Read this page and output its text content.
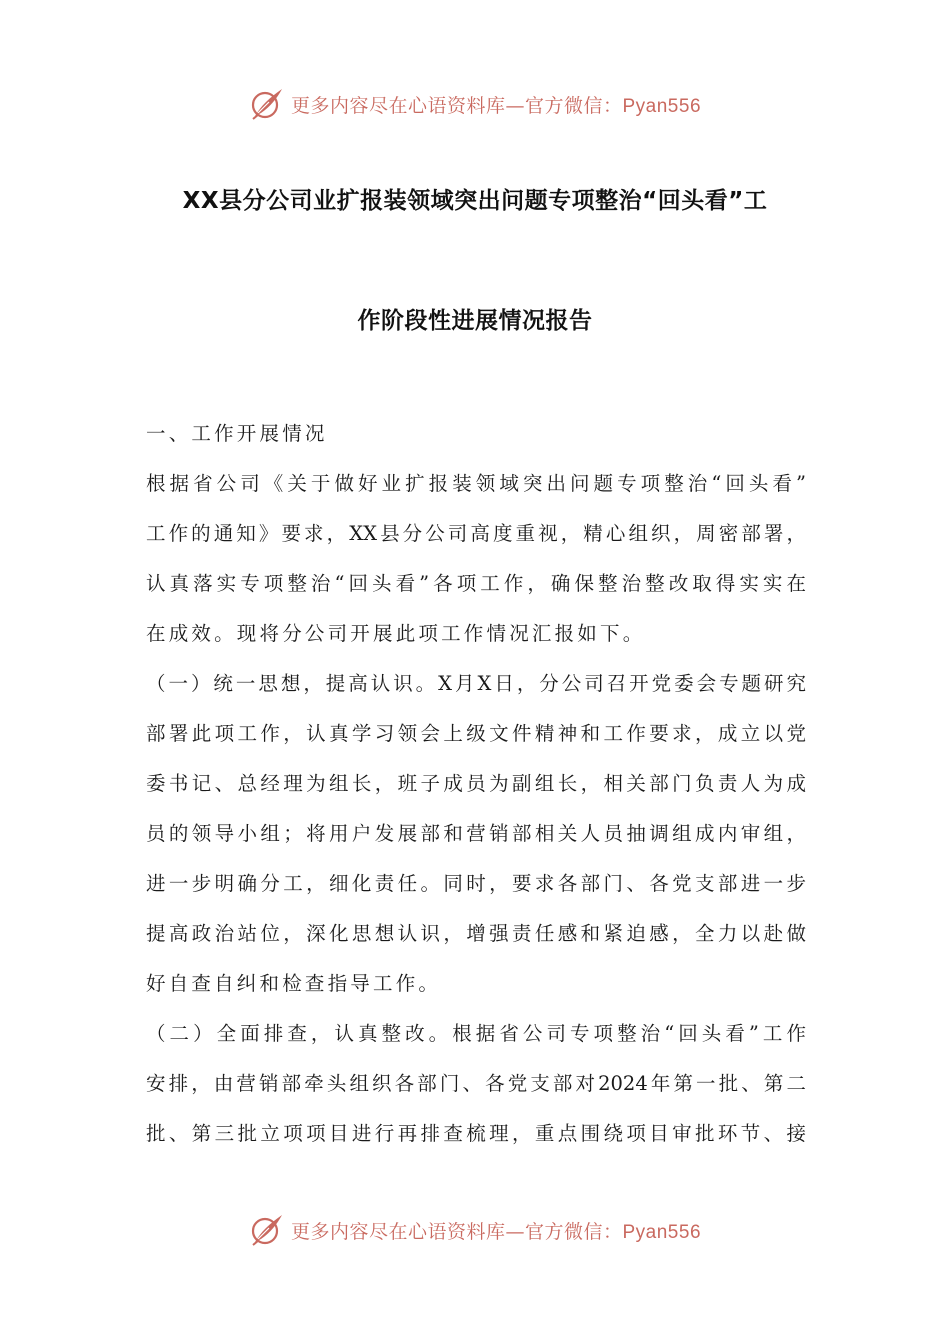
更多内容尽在心语资料库—官方微信：Pyan556
XX县分公司业扩报装领域突出问题专项整治“回头看”工
作阶段性进展情况报告
一、工作开展情况
根据省公司《关于做好业扩报装领域突出问题专项整治“回头看”
工作的通知》要求，XX县分公司高度重视，精心组织，周密部署，
认真落实专项整治“回头看”各项工作，确保整治整改取得实实在
在成效。现将分公司开展此项工作情况汇报如下。
（一）统一思想，提高认识。X月X日，分公司召开党委会专题研究
部署此项工作，认真学习领会上级文件精神和工作要求，成立以党
委书记、总经理为组长，班子成员为副组长，相关部门负责人为成
员的领导小组；将用户发展部和营销部相关人员抽调组成内审组，
进一步明确分工，细化责任。同时，要求各部门、各党支部进一步
提高政治站位，深化思想认识，增强责任感和紧迫感，全力以赴做
好自查自纠和检查指导工作。
（二）全面排查，认真整改。根据省公司专项整治“回头看”工作
安排，由营销部牵头组织各部门、各党支部对2024年第一批、第二
批、第三批立项项目进行再排查梳理，重点围绕项目审批环节、接
更多内容尽在心语资料库—官方微信：Pyan556
